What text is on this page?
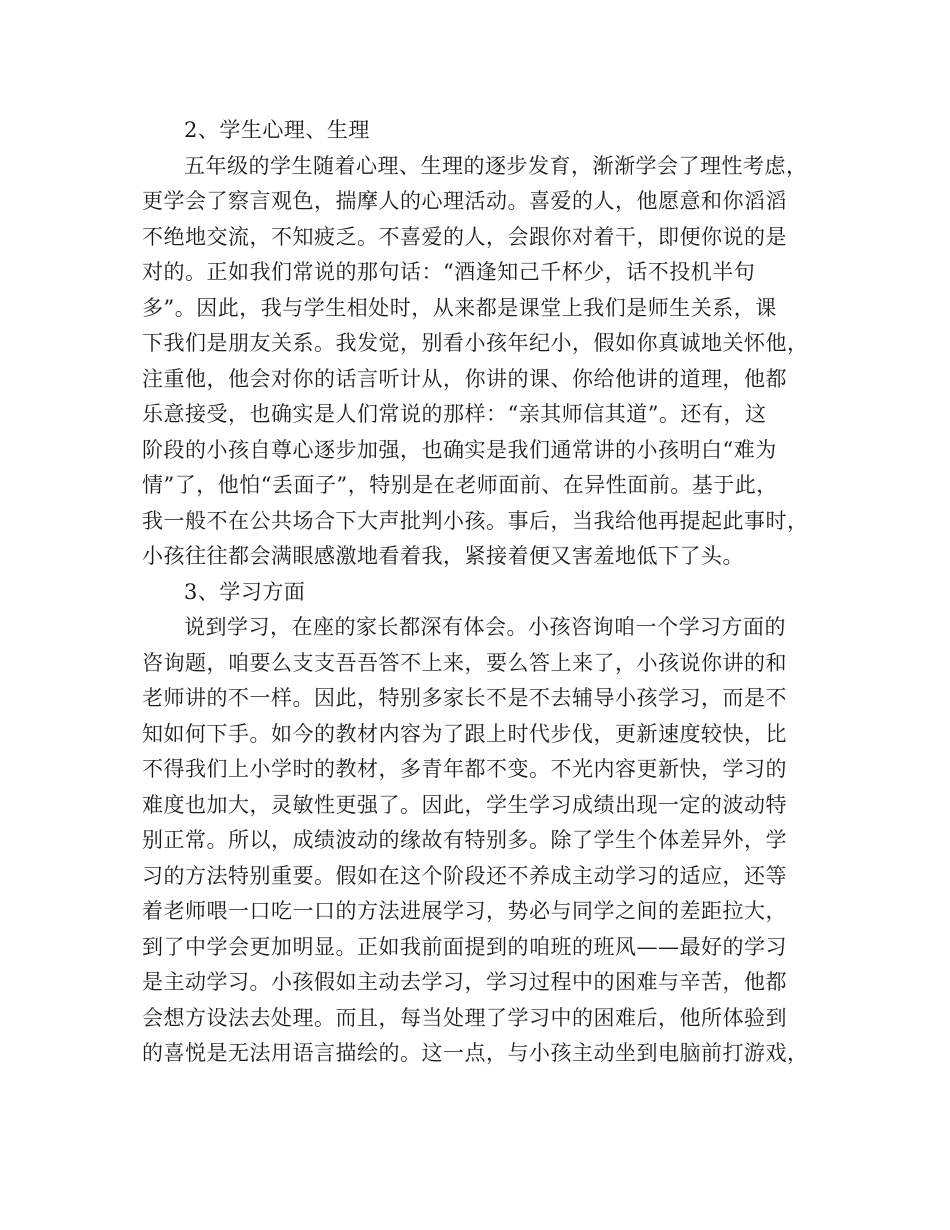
2、学生心理、生理
五年级的学生随着心理、生理的逐步发育，渐渐学会了理性考虑，
更学会了察言观色，揣摩人的心理活动。喜爱的人，他愿意和你滔滔
不绝地交流，不知疲乏。不喜爱的人，会跟你对着干，即便你说的是
对的。正如我们常说的那句话：“酒逢知己千杯少，话不投机半句
多”。因此，我与学生相处时，从来都是课堂上我们是师生关系，课
下我们是朋友关系。我发觉，别看小孩年纪小，假如你真诚地关怀他，
注重他，他会对你的话言听计从，你讲的课、你给他讲的道理，他都
乐意接受，也确实是人们常说的那样：“亲其师信其道”。还有，这
阶段的小孩自尊心逐步加强，也确实是我们通常讲的小孩明白“难为
情”了，他怕“丢面子”，特别是在老师面前、在异性面前。基于此，
我一般不在公共场合下大声批判小孩。事后，当我给他再提起此事时，
小孩往往都会满眼感激地看着我，紧接着便又害羞地低下了头。
3、学习方面
说到学习，在座的家长都深有体会。小孩咨询咱一个学习方面的
咨询题，咱要么支支吾吾答不上来，要么答上来了，小孩说你讲的和
老师讲的不一样。因此，特别多家长不是不去辅导小孩学习，而是不
知如何下手。如今的教材内容为了跟上时代步伐，更新速度较快，比
不得我们上小学时的教材，多青年都不变。不光内容更新快，学习的
难度也加大，灵敏性更强了。因此，学生学习成绩出现一定的波动特
别正常。所以，成绩波动的缘故有特别多。除了学生个体差异外，学
习的方法特别重要。假如在这个阶段还不养成主动学习的适应，还等
着老师喂一口吃一口的方法进展学习，势必与同学之间的差距拉大，
到了中学会更加明显。正如我前面提到的咱班的班风——最好的学习
是主动学习。小孩假如主动去学习，学习过程中的困难与辛苦，他都
会想方设法去处理。而且，每当处理了学习中的困难后，他所体验到
的喜悦是无法用语言描绘的。这一点，与小孩主动坐到电脑前打游戏，
